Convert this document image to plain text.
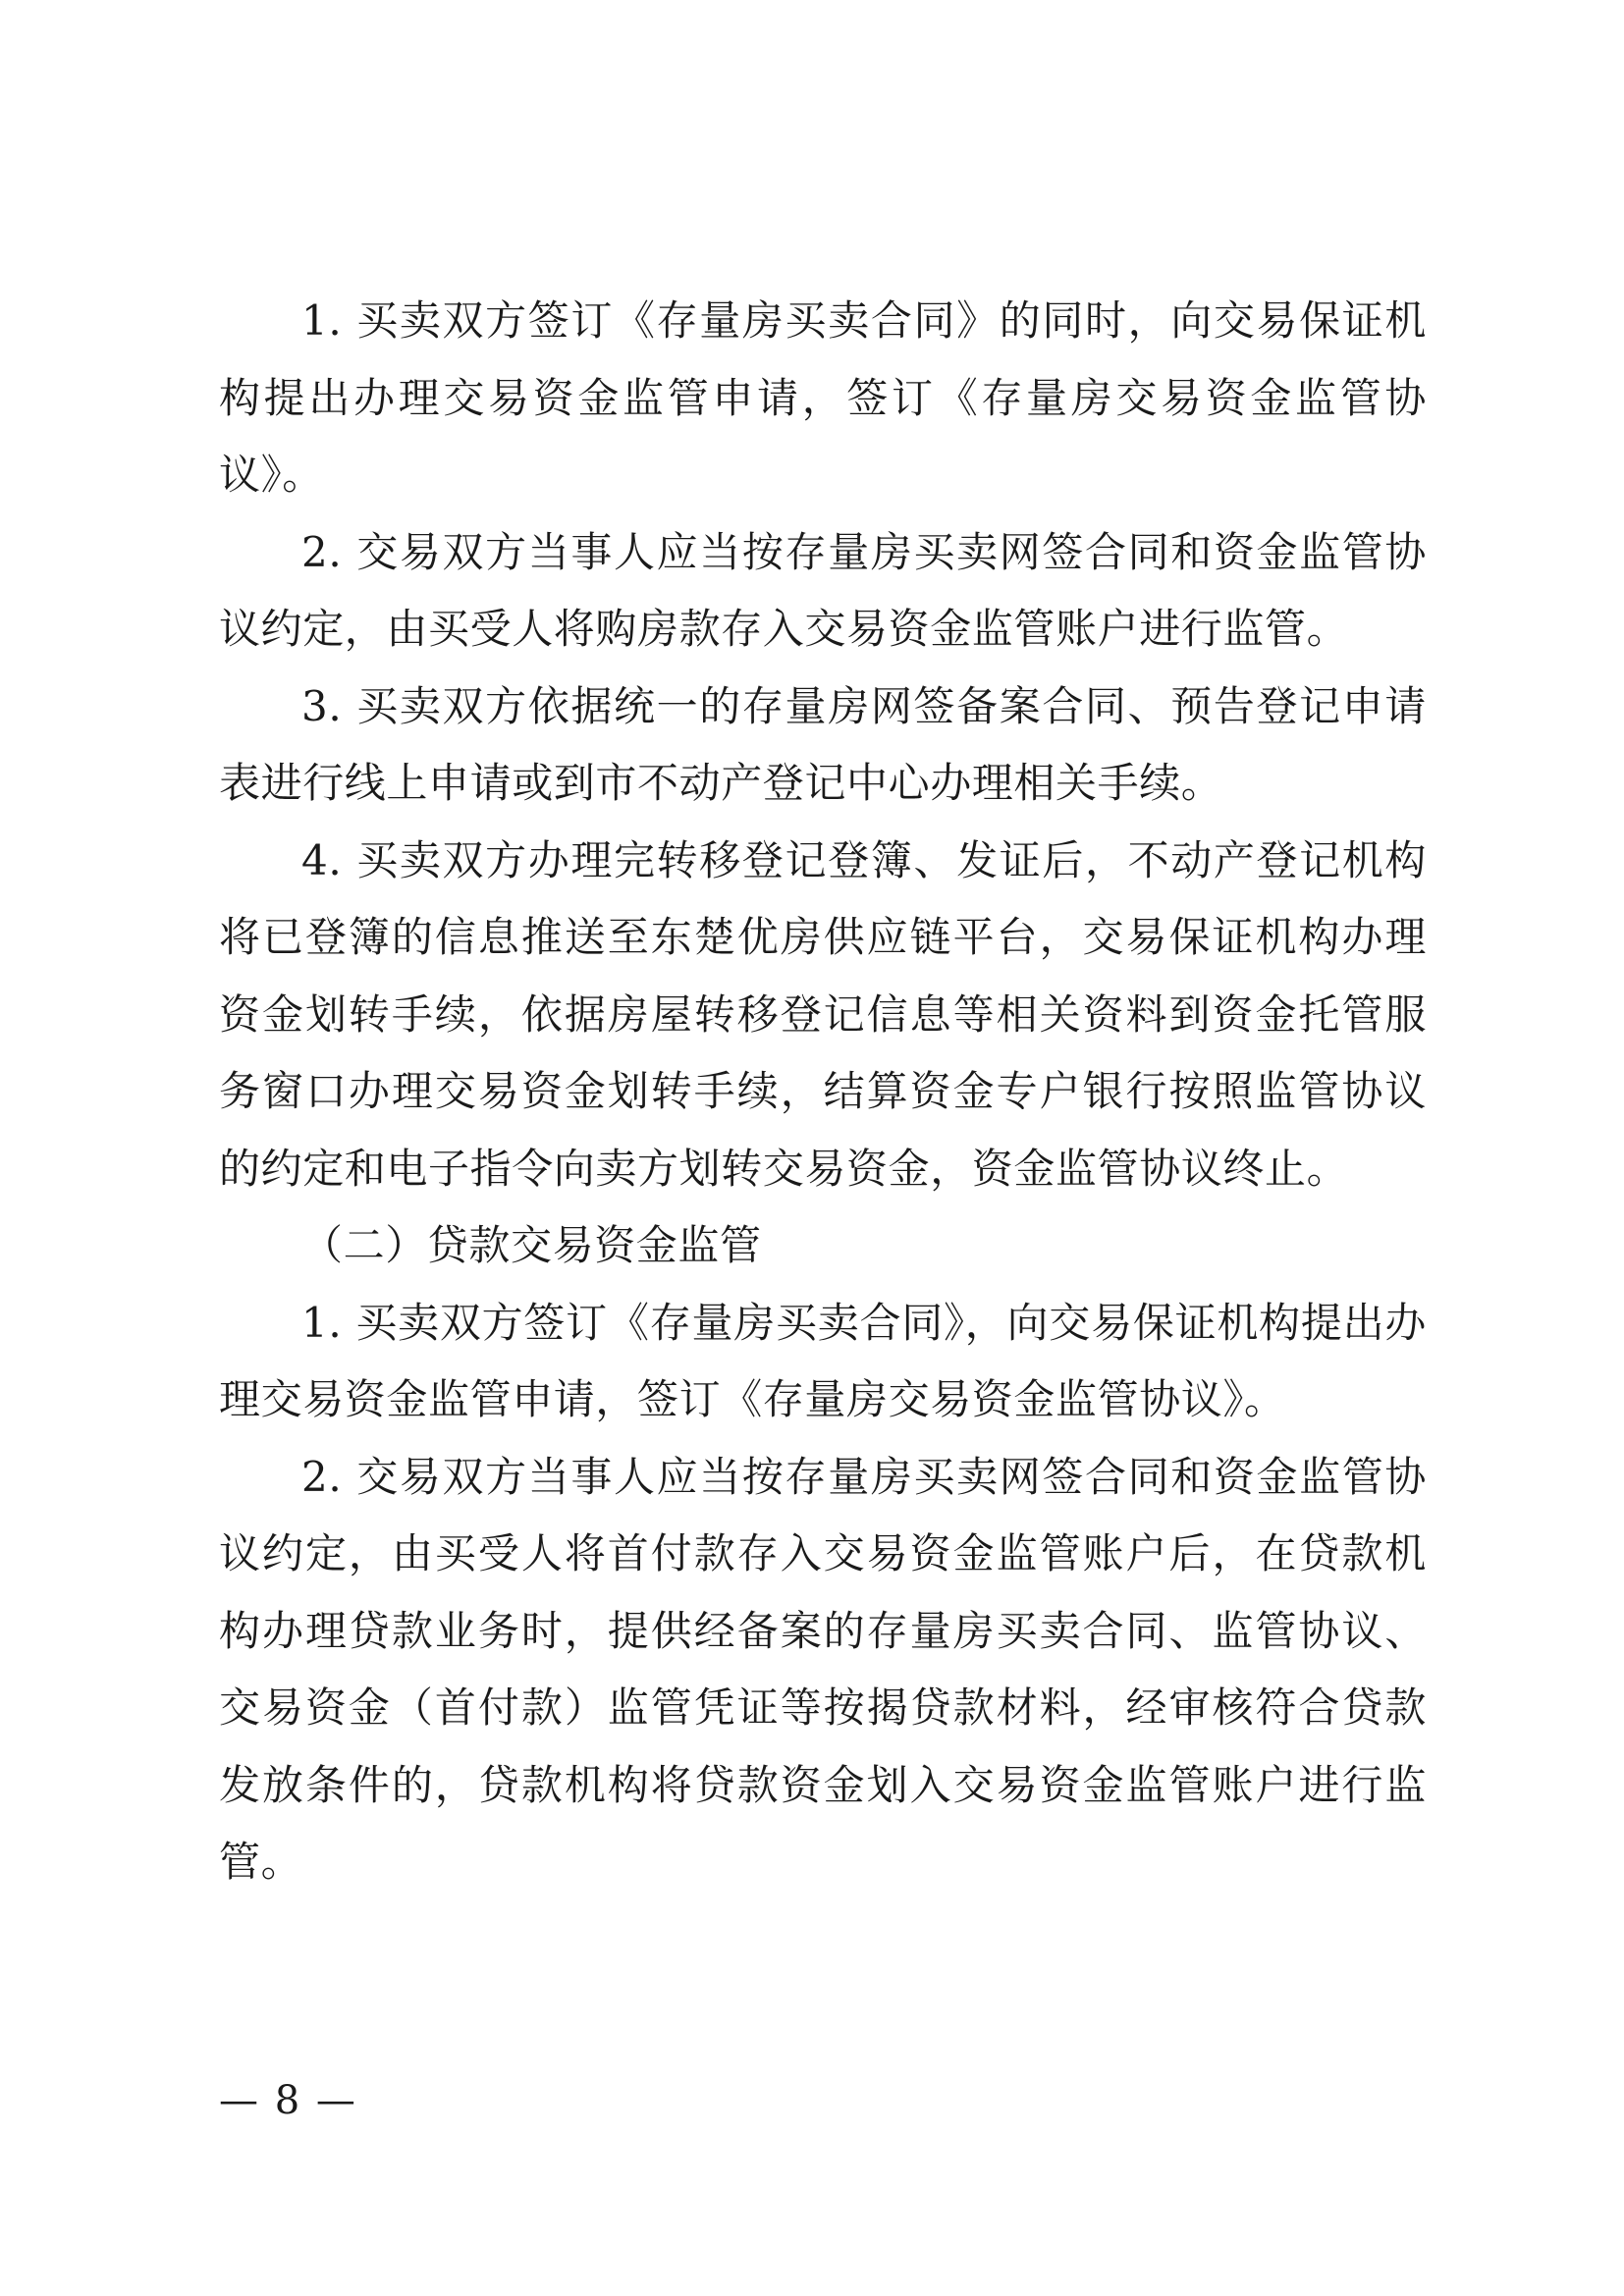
1. 买卖双方签订《存量房买卖合同》的同时，向交易保证机构提出办理交易资金监管申请，签订《存量房交易资金监管协议》。

2. 交易双方当事人应当按存量房买卖网签合同和资金监管协议约定，由买受人将购房款存入交易资金监管账户进行监管。

3. 买卖双方依据统一的存量房网签备案合同、预告登记申请表进行线上申请或到市不动产登记中心办理相关手续。

4. 买卖双方办理完转移登记登簿、发证后，不动产登记机构将已登簿的信息推送至东楚优房供应链平台，交易保证机构办理资金划转手续，依据房屋转移登记信息等相关资料到资金托管服务窗口办理交易资金划转手续，结算资金专户银行按照监管协议的约定和电子指令向卖方划转交易资金，资金监管协议终止。

（二）贷款交易资金监管

1. 买卖双方签订《存量房买卖合同》，向交易保证机构提出办理交易资金监管申请，签订《存量房交易资金监管协议》。

2. 交易双方当事人应当按存量房买卖网签合同和资金监管协议约定，由买受人将首付款存入交易资金监管账户后，在贷款机构办理贷款业务时，提供经备案的存量房买卖合同、监管协议、交易资金（首付款）监管凭证等按揭贷款材料，经审核符合贷款发放条件的，贷款机构将贷款资金划入交易资金监管账户进行监管。

— 8 —
